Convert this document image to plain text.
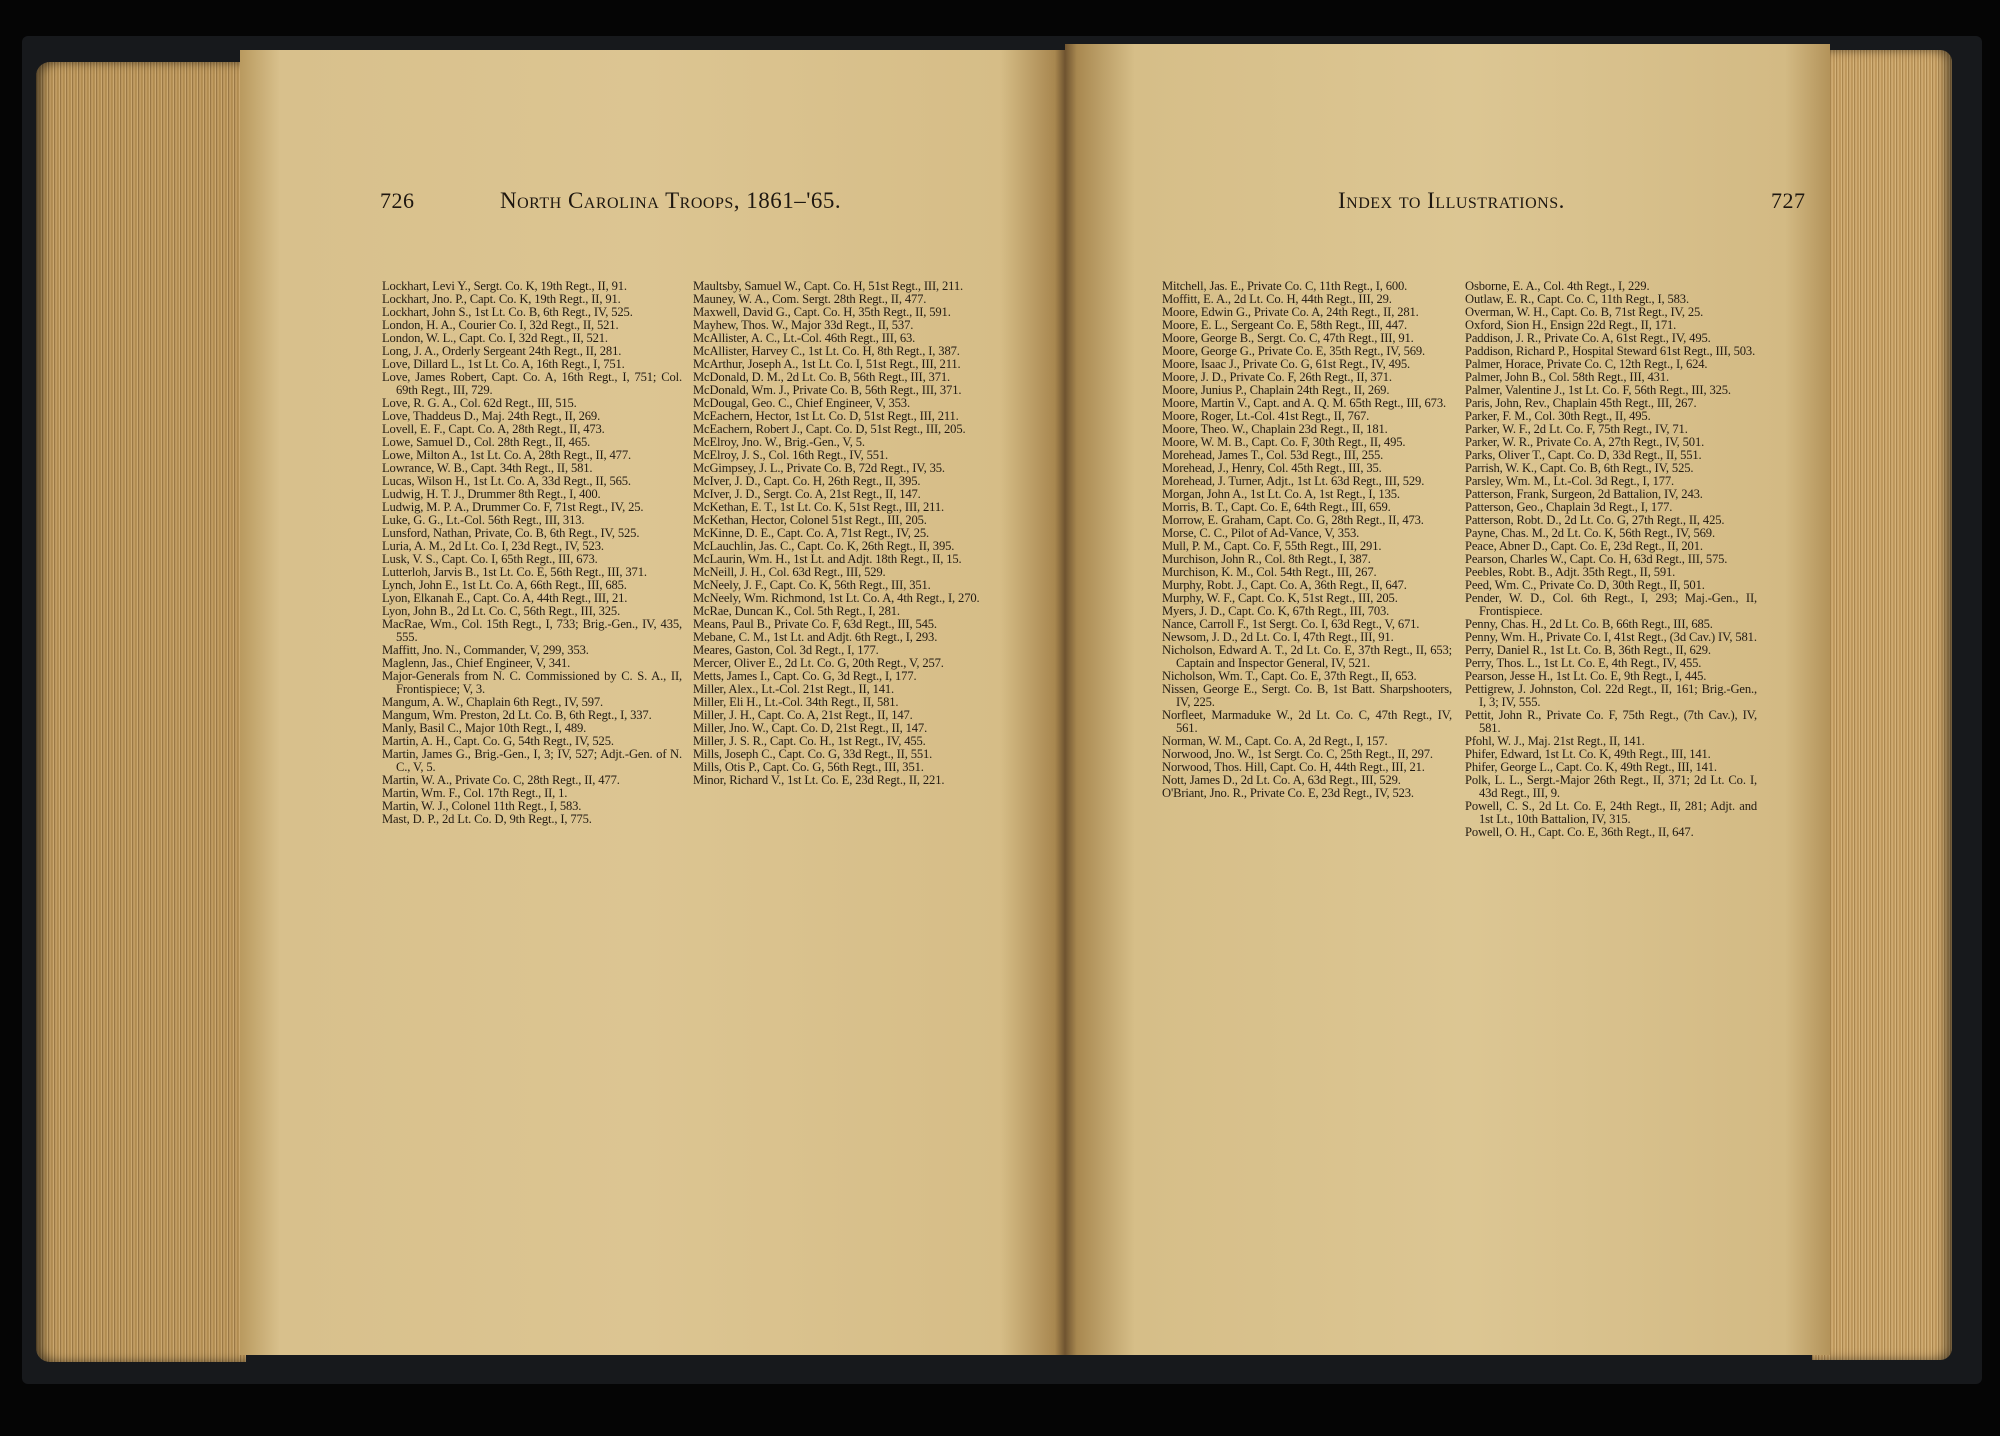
726	North Carolina Troops, 1861–'65.
Lockhart, Levi Y., Sergt. Co. K, 19th Regt., II, 91.
Lockhart, Jno. P., Capt. Co. K, 19th Regt., II, 91.
Lockhart, John S., 1st Lt. Co. B, 6th Regt., IV, 525.
London, H. A., Courier Co. I, 32d Regt., II, 521.
London, W. L., Capt. Co. I, 32d Regt., II, 521.
Long, J. A., Orderly Sergeant 24th Regt., II, 281.
Love, Dillard L., 1st Lt. Co. A, 16th Regt., I, 751.
Love, James Robert, Capt. Co. A, 16th Regt., I, 751; Col. 69th Regt., III, 729.
Love, R. G. A., Col. 62d Regt., III, 515.
Love, Thaddeus D., Maj. 24th Regt., II, 269.
Lovell, E. F., Capt. Co. A, 28th Regt., II, 473.
Lowe, Samuel D., Col. 28th Regt., II, 465.
Lowe, Milton A., 1st Lt. Co. A, 28th Regt., II, 477.
Lowrance, W. B., Capt. 34th Regt., II, 581.
Lucas, Wilson H., 1st Lt. Co. A, 33d Regt., II, 565.
Ludwig, H. T. J., Drummer 8th Regt., I, 400.
Ludwig, M. P. A., Drummer Co. F, 71st Regt., IV, 25.
Luke, G. G., Lt.-Col. 56th Regt., III, 313.
Lunsford, Nathan, Private, Co. B, 6th Regt., IV, 525.
Luria, A. M., 2d Lt. Co. I, 23d Regt., IV, 523.
Lusk, V. S., Capt. Co. I, 65th Regt., III, 673.
Lutterloh, Jarvis B., 1st Lt. Co. E, 56th Regt., III, 371.
Lynch, John E., 1st Lt. Co. A, 66th Regt., III, 685.
Lyon, Elkanah E., Capt. Co. A, 44th Regt., III, 21.
Lyon, John B., 2d Lt. Co. C, 56th Regt., III, 325.
MacRae, Wm., Col. 15th Regt., I, 733; Brig.-Gen., IV, 435, 555.
Maffitt, Jno. N., Commander, V, 299, 353.
Maglenn, Jas., Chief Engineer, V, 341.
Major-Generals from N. C. Commissioned by C. S. A., II, Frontispiece; V, 3.
Mangum, A. W., Chaplain 6th Regt., IV, 597.
Mangum, Wm. Preston, 2d Lt. Co. B, 6th Regt., I, 337.
Manly, Basil C., Major 10th Regt., I, 489.
Martin, A. H., Capt. Co. G, 54th Regt., IV, 525.
Martin, James G., Brig.-Gen., I, 3; IV, 527; Adjt.-Gen. of N. C., V, 5.
Martin, W. A., Private Co. C, 28th Regt., II, 477.
Martin, Wm. F., Col. 17th Regt., II, 1.
Martin, W. J., Colonel 11th Regt., I, 583.
Mast, D. P., 2d Lt. Co. D, 9th Regt., I, 775.
Maultsby, Samuel W., Capt. Co. H, 51st Regt., III, 211.
Mauney, W. A., Com. Sergt. 28th Regt., II, 477.
Maxwell, David G., Capt. Co. H, 35th Regt., II, 591.
Mayhew, Thos. W., Major 33d Regt., II, 537.
McAllister, A. C., Lt.-Col. 46th Regt., III, 63.
McAllister, Harvey C., 1st Lt. Co. H, 8th Regt., I, 387.
McArthur, Joseph A., 1st Lt. Co. I, 51st Regt., III, 211.
McDonald, D. M., 2d Lt. Co. B, 56th Regt., III, 371.
McDonald, Wm. J., Private Co. B, 56th Regt., III, 371.
McDougal, Geo. C., Chief Engineer, V, 353.
McEachern, Hector, 1st Lt. Co. D, 51st Regt., III, 211.
McEachern, Robert J., Capt. Co. D, 51st Regt., III, 205.
McElroy, Jno. W., Brig.-Gen., V, 5.
McElroy, J. S., Col. 16th Regt., IV, 551.
McGimpsey, J. L., Private Co. B, 72d Regt., IV, 35.
McIver, J. D., Capt. Co. H, 26th Regt., II, 395.
McIver, J. D., Sergt. Co. A, 21st Regt., II, 147.
McKethan, E. T., 1st Lt. Co. K, 51st Regt., III, 211.
McKethan, Hector, Colonel 51st Regt., III, 205.
McKinne, D. E., Capt. Co. A, 71st Regt., IV, 25.
McLauchlin, Jas. C., Capt. Co. K, 26th Regt., II, 395.
McLaurin, Wm. H., 1st Lt. and Adjt. 18th Regt., II, 15.
McNeill, J. H., Col. 63d Regt., III, 529.
McNeely, J. F., Capt. Co. K, 56th Regt., III, 351.
McNeely, Wm. Richmond, 1st Lt. Co. A, 4th Regt., I, 270.
McRae, Duncan K., Col. 5th Regt., I, 281.
Means, Paul B., Private Co. F, 63d Regt., III, 545.
Mebane, C. M., 1st Lt. and Adjt. 6th Regt., I, 293.
Meares, Gaston, Col. 3d Regt., I, 177.
Mercer, Oliver E., 2d Lt. Co. G, 20th Regt., V, 257.
Metts, James I., Capt. Co. G, 3d Regt., I, 177.
Miller, Alex., Lt.-Col. 21st Regt., II, 141.
Miller, Eli H., Lt.-Col. 34th Regt., II, 581.
Miller, J. H., Capt. Co. A, 21st Regt., II, 147.
Miller, Jno. W., Capt. Co. D, 21st Regt., II, 147.
Miller, J. S. R., Capt. Co. H., 1st Regt., IV, 455.
Mills, Joseph C., Capt. Co. G, 33d Regt., II, 551.
Mills, Otis P., Capt. Co. G, 56th Regt., III, 351.
Minor, Richard V., 1st Lt. Co. E, 23d Regt., II, 221.
Index to Illustrations.	727
Mitchell, Jas. E., Private Co. C, 11th Regt., I, 600.
Moffitt, E. A., 2d Lt. Co. H, 44th Regt., III, 29.
Moore, Edwin G., Private Co. A, 24th Regt., II, 281.
Moore, E. L., Sergeant Co. E, 58th Regt., III, 447.
Moore, George B., Sergt. Co. C, 47th Regt., III, 91.
Moore, George G., Private Co. E, 35th Regt., IV, 569.
Moore, Isaac J., Private Co. G, 61st Regt., IV, 495.
Moore, J. D., Private Co. F, 26th Regt., II, 371.
Moore, Junius P., Chaplain 24th Regt., II, 269.
Moore, Martin V., Capt. and A. Q. M. 65th Regt., III, 673.
Moore, Roger, Lt.-Col. 41st Regt., II, 767.
Moore, Theo. W., Chaplain 23d Regt., II, 181.
Moore, W. M. B., Capt. Co. F, 30th Regt., II, 495.
Morehead, James T., Col. 53d Regt., III, 255.
Morehead, J., Henry, Col. 45th Regt., III, 35.
Morehead, J. Turner, Adjt., 1st Lt. 63d Regt., III, 529.
Morgan, John A., 1st Lt. Co. A, 1st Regt., I, 135.
Morris, B. T., Capt. Co. E, 64th Regt., III, 659.
Morrow, E. Graham, Capt. Co. G, 28th Regt., II, 473.
Morse, C. C., Pilot of Ad-Vance, V, 353.
Mull, P. M., Capt. Co. F, 55th Regt., III, 291.
Murchison, John R., Col. 8th Regt., I, 387.
Murchison, K. M., Col. 54th Regt., III, 267.
Murphy, Robt. J., Capt. Co. A, 36th Regt., II, 647.
Murphy, W. F., Capt. Co. K, 51st Regt., III, 205.
Myers, J. D., Capt. Co. K, 67th Regt., III, 703.
Nance, Carroll F., 1st Sergt. Co. I, 63d Regt., V, 671.
Newsom, J. D., 2d Lt. Co. I, 47th Regt., III, 91.
Nicholson, Edward A. T., 2d Lt. Co. E, 37th Regt., II, 653; Captain and Inspector General, IV, 521.
Nicholson, Wm. T., Capt. Co. E, 37th Regt., II, 653.
Nissen, George E., Sergt. Co. B, 1st Batt. Sharpshooters, IV, 225.
Norfleet, Marmaduke W., 2d Lt. Co. C, 47th Regt., IV, 561.
Norman, W. M., Capt. Co. A, 2d Regt., I, 157.
Norwood, Jno. W., 1st Sergt. Co. C, 25th Regt., II, 297.
Norwood, Thos. Hill, Capt. Co. H, 44th Regt., III, 21.
Nott, James D., 2d Lt. Co. A, 63d Regt., III, 529.
O'Briant, Jno. R., Private Co. E, 23d Regt., IV, 523.
Osborne, E. A., Col. 4th Regt., I, 229.
Outlaw, E. R., Capt. Co. C, 11th Regt., I, 583.
Overman, W. H., Capt. Co. B, 71st Regt., IV, 25.
Oxford, Sion H., Ensign 22d Regt., II, 171.
Paddison, J. R., Private Co. A, 61st Regt., IV, 495.
Paddison, Richard P., Hospital Steward 61st Regt., III, 503.
Palmer, Horace, Private Co. C, 12th Regt., I, 624.
Palmer, John B., Col. 58th Regt., III, 431.
Palmer, Valentine J., 1st Lt. Co. F, 56th Regt., III, 325.
Paris, John, Rev., Chaplain 45th Regt., III, 267.
Parker, F. M., Col. 30th Regt., II, 495.
Parker, W. F., 2d Lt. Co. F, 75th Regt., IV, 71.
Parker, W. R., Private Co. A, 27th Regt., IV, 501.
Parks, Oliver T., Capt. Co. D, 33d Regt., II, 551.
Parrish, W. K., Capt. Co. B, 6th Regt., IV, 525.
Parsley, Wm. M., Lt.-Col. 3d Regt., I, 177.
Patterson, Frank, Surgeon, 2d Battalion, IV, 243.
Patterson, Geo., Chaplain 3d Regt., I, 177.
Patterson, Robt. D., 2d Lt. Co. G, 27th Regt., II, 425.
Payne, Chas. M., 2d Lt. Co. K, 56th Regt., IV, 569.
Peace, Abner D., Capt. Co. E, 23d Regt., II, 201.
Pearson, Charles W., Capt. Co. H, 63d Regt., III, 575.
Peebles, Robt. B., Adjt. 35th Regt., II, 591.
Peed, Wm. C., Private Co. D, 30th Regt., II, 501.
Pender, W. D., Col. 6th Regt., I, 293; Maj.-Gen., II, Frontispiece.
Penny, Chas. H., 2d Lt. Co. B, 66th Regt., III, 685.
Penny, Wm. H., Private Co. I, 41st Regt., (3d Cav.) IV, 581.
Perry, Daniel R., 1st Lt. Co. B, 36th Regt., II, 629.
Perry, Thos. L., 1st Lt. Co. E, 4th Regt., IV, 455.
Pearson, Jesse H., 1st Lt. Co. E, 9th Regt., I, 445.
Pettigrew, J. Johnston, Col. 22d Regt., II, 161; Brig.-Gen., I, 3; IV, 555.
Pettit, John R., Private Co. F, 75th Regt., (7th Cav.), IV, 581.
Pfohl, W. J., Maj. 21st Regt., II, 141.
Phifer, Edward, 1st Lt. Co. K, 49th Regt., III, 141.
Phifer, George L., Capt. Co. K, 49th Regt., III, 141.
Polk, L. L., Sergt.-Major 26th Regt., II, 371; 2d Lt. Co. I, 43d Regt., III, 9.
Powell, C. S., 2d Lt. Co. E, 24th Regt., II, 281; Adjt. and 1st Lt., 10th Battalion, IV, 315.
Powell, O. H., Capt. Co. E, 36th Regt., II, 647.
